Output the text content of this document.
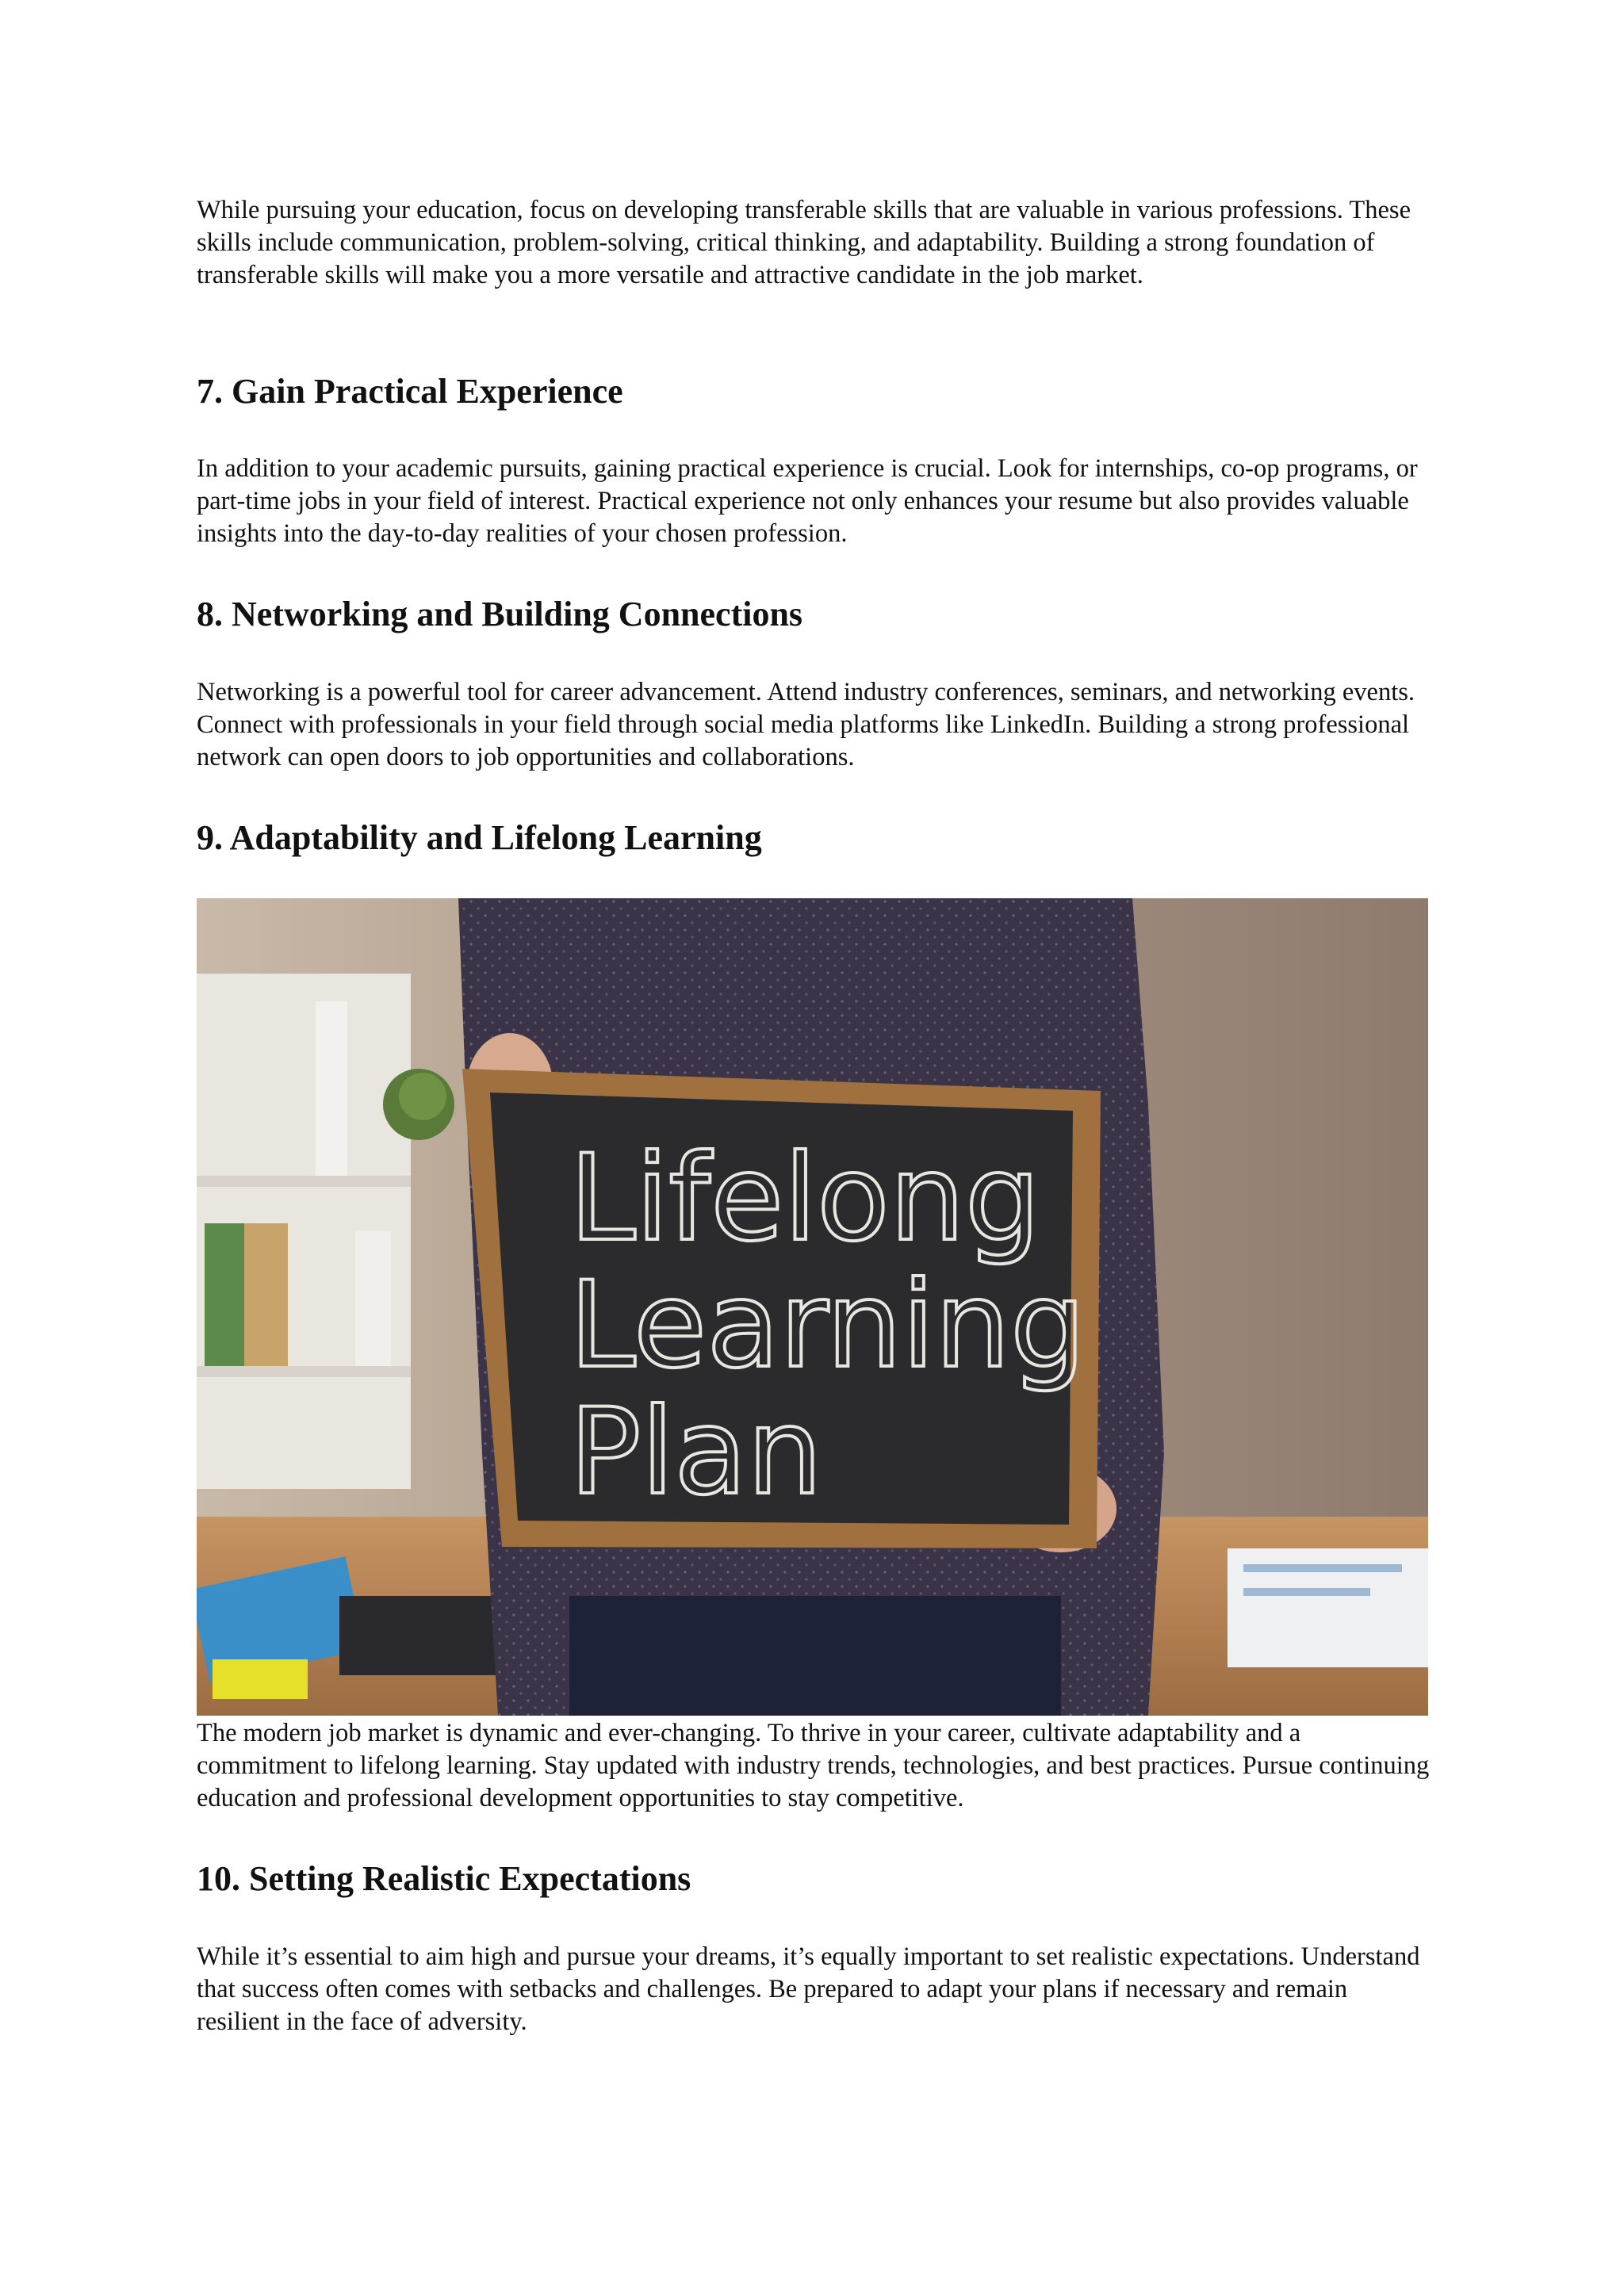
While pursuing your education, focus on developing transferable skills that are valuable in various professions. These skills include communication, problem-solving, critical thinking, and adaptability. Building a strong foundation of transferable skills will make you a more versatile and attractive candidate in the job market.

7. Gain Practical Experience

In addition to your academic pursuits, gaining practical experience is crucial. Look for internships, co-op programs, or part-time jobs in your field of interest. Practical experience not only enhances your resume but also provides valuable insights into the day-to-day realities of your chosen profession.

8. Networking and Building Connections

Networking is a powerful tool for career advancement. Attend industry conferences, seminars, and networking events. Connect with professionals in your field through social media platforms like LinkedIn. Building a strong professional network can open doors to job opportunities and collaborations.

9. Adaptability and Lifelong Learning
Lifelong
Learning
Plan

The modern job market is dynamic and ever-changing. To thrive in your career, cultivate adaptability and a commitment to lifelong learning. Stay updated with industry trends, technologies, and best practices. Pursue continuing education and professional development opportunities to stay competitive.

10. Setting Realistic Expectations

While it’s essential to aim high and pursue your dreams, it’s equally important to set realistic expectations. Understand that success often comes with setbacks and challenges. Be prepared to adapt your plans if necessary and remain resilient in the face of adversity.
